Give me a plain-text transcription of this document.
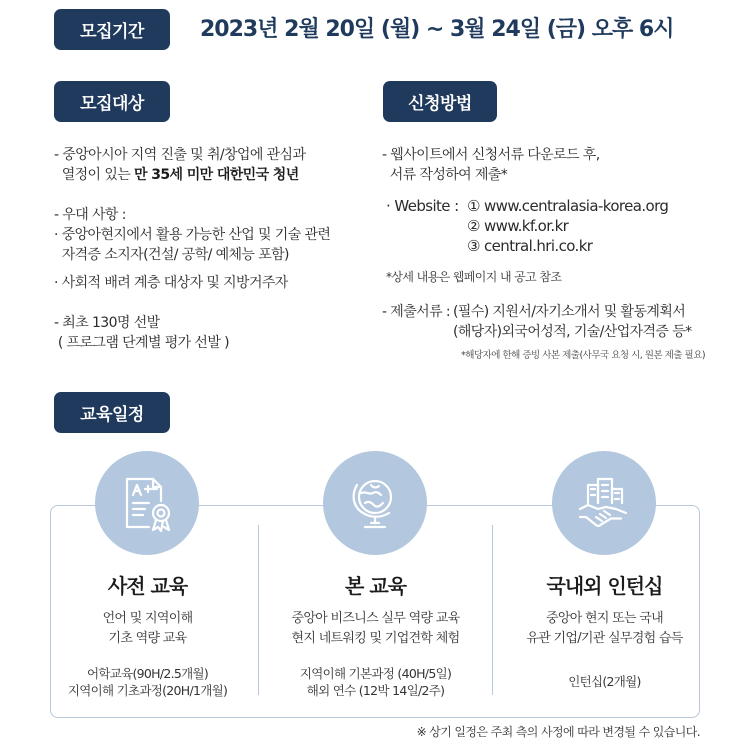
모집기간	2023년 2월 20일 (월) ~ 3월 24일 (금) 오후 6시
모집대상
- 중앙아시아 지역 진출 및 취/창업에 관심과
열정이 있는 만 35세 미만 대한민국 청년
- 우대 사항 :
· 중앙아현지에서 활용 가능한 산업 및 기술 관련
자격증 소지자(건설/ 공학/ 예체능 포함)
· 사회적 배려 계층 대상자 및 지방거주자
- 최초 130명 선발
( 프로그램 단계별 평가 선발 )
신청방법
- 웹사이트에서 신청서류 다운로드 후,
서류 작성하여 제출*
· Website : ① www.centralasia-korea.org
② www.kf.or.kr
③ central.hri.co.kr
*상세 내용은 웹페이지 내 공고 참조
- 제출서류 : (필수) 지원서/자기소개서 및 활동계획서
(해당자)외국어성적, 기술/산업자격증 등*
*해당자에 한해 증빙 사본 제출(사무국 요청 시, 원본 제출 필요)
교육일정
사전 교육
언어 및 지역이해
기초 역량 교육
어학교육(90H/2.5개월)
지역이해 기초과정(20H/1개월)
본 교육
중앙아 비즈니스 실무 역량 교육
현지 네트워킹 및 기업견학 체험
지역이해 기본과정 (40H/5일)
해외 연수 (12박 14일/2주)
국내외 인턴십
중앙아 현지 또는 국내
유관 기업/기관 실무경험 습득
인턴십(2개월)
※ 상기 일정은 주최 측의 사정에 따라 변경될 수 있습니다.
